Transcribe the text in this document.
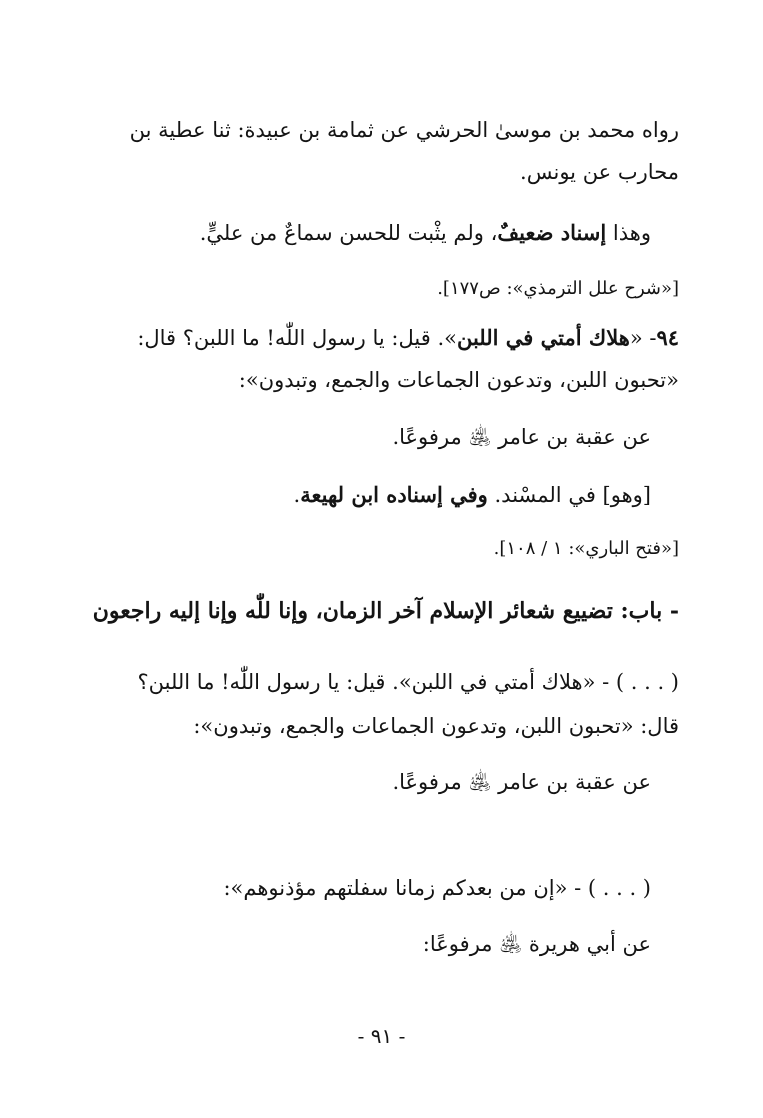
رواه محمد بن موسىٰ الحرشي عن ثمامة بن عبيدة: ثنا عطية بن

محارب عن يونس.

وهذا إسناد ضعيفٌ، ولم يثْبت للحسن سماعٌ من عليٍّ.

[«شرح علل الترمذي»: ص١٧٧].

٩٤- «هلاك أمتي في اللبن». قيل: يا رسول اللّٰه! ما اللبن؟ قال:

«تحبون اللبن، وتدعون الجماعات والجمع، وتبدون»:

عن عقبة بن عامر ﵁ مرفوعًا.

[وهو] في المسْند. وفي إسناده ابن لهيعة.

[«فتح الباري»: ١ / ١٠٨].

- باب: تضييع شعائر الإسلام آخر الزمان، وإنا للّٰه وإنا إليه راجعون

( . . . ) - «هلاك أمتي في اللبن». قيل: يا رسول اللّٰه! ما اللبن؟

قال: «تحبون اللبن، وتدعون الجماعات والجمع، وتبدون»:

عن عقبة بن عامر ﵁ مرفوعًا.

( . . . ) - «إن من بعدكم زمانا سفلتهم مؤذنوهم»:

عن أبي هريرة ﵁ مرفوعًا:

- ٩١ -
